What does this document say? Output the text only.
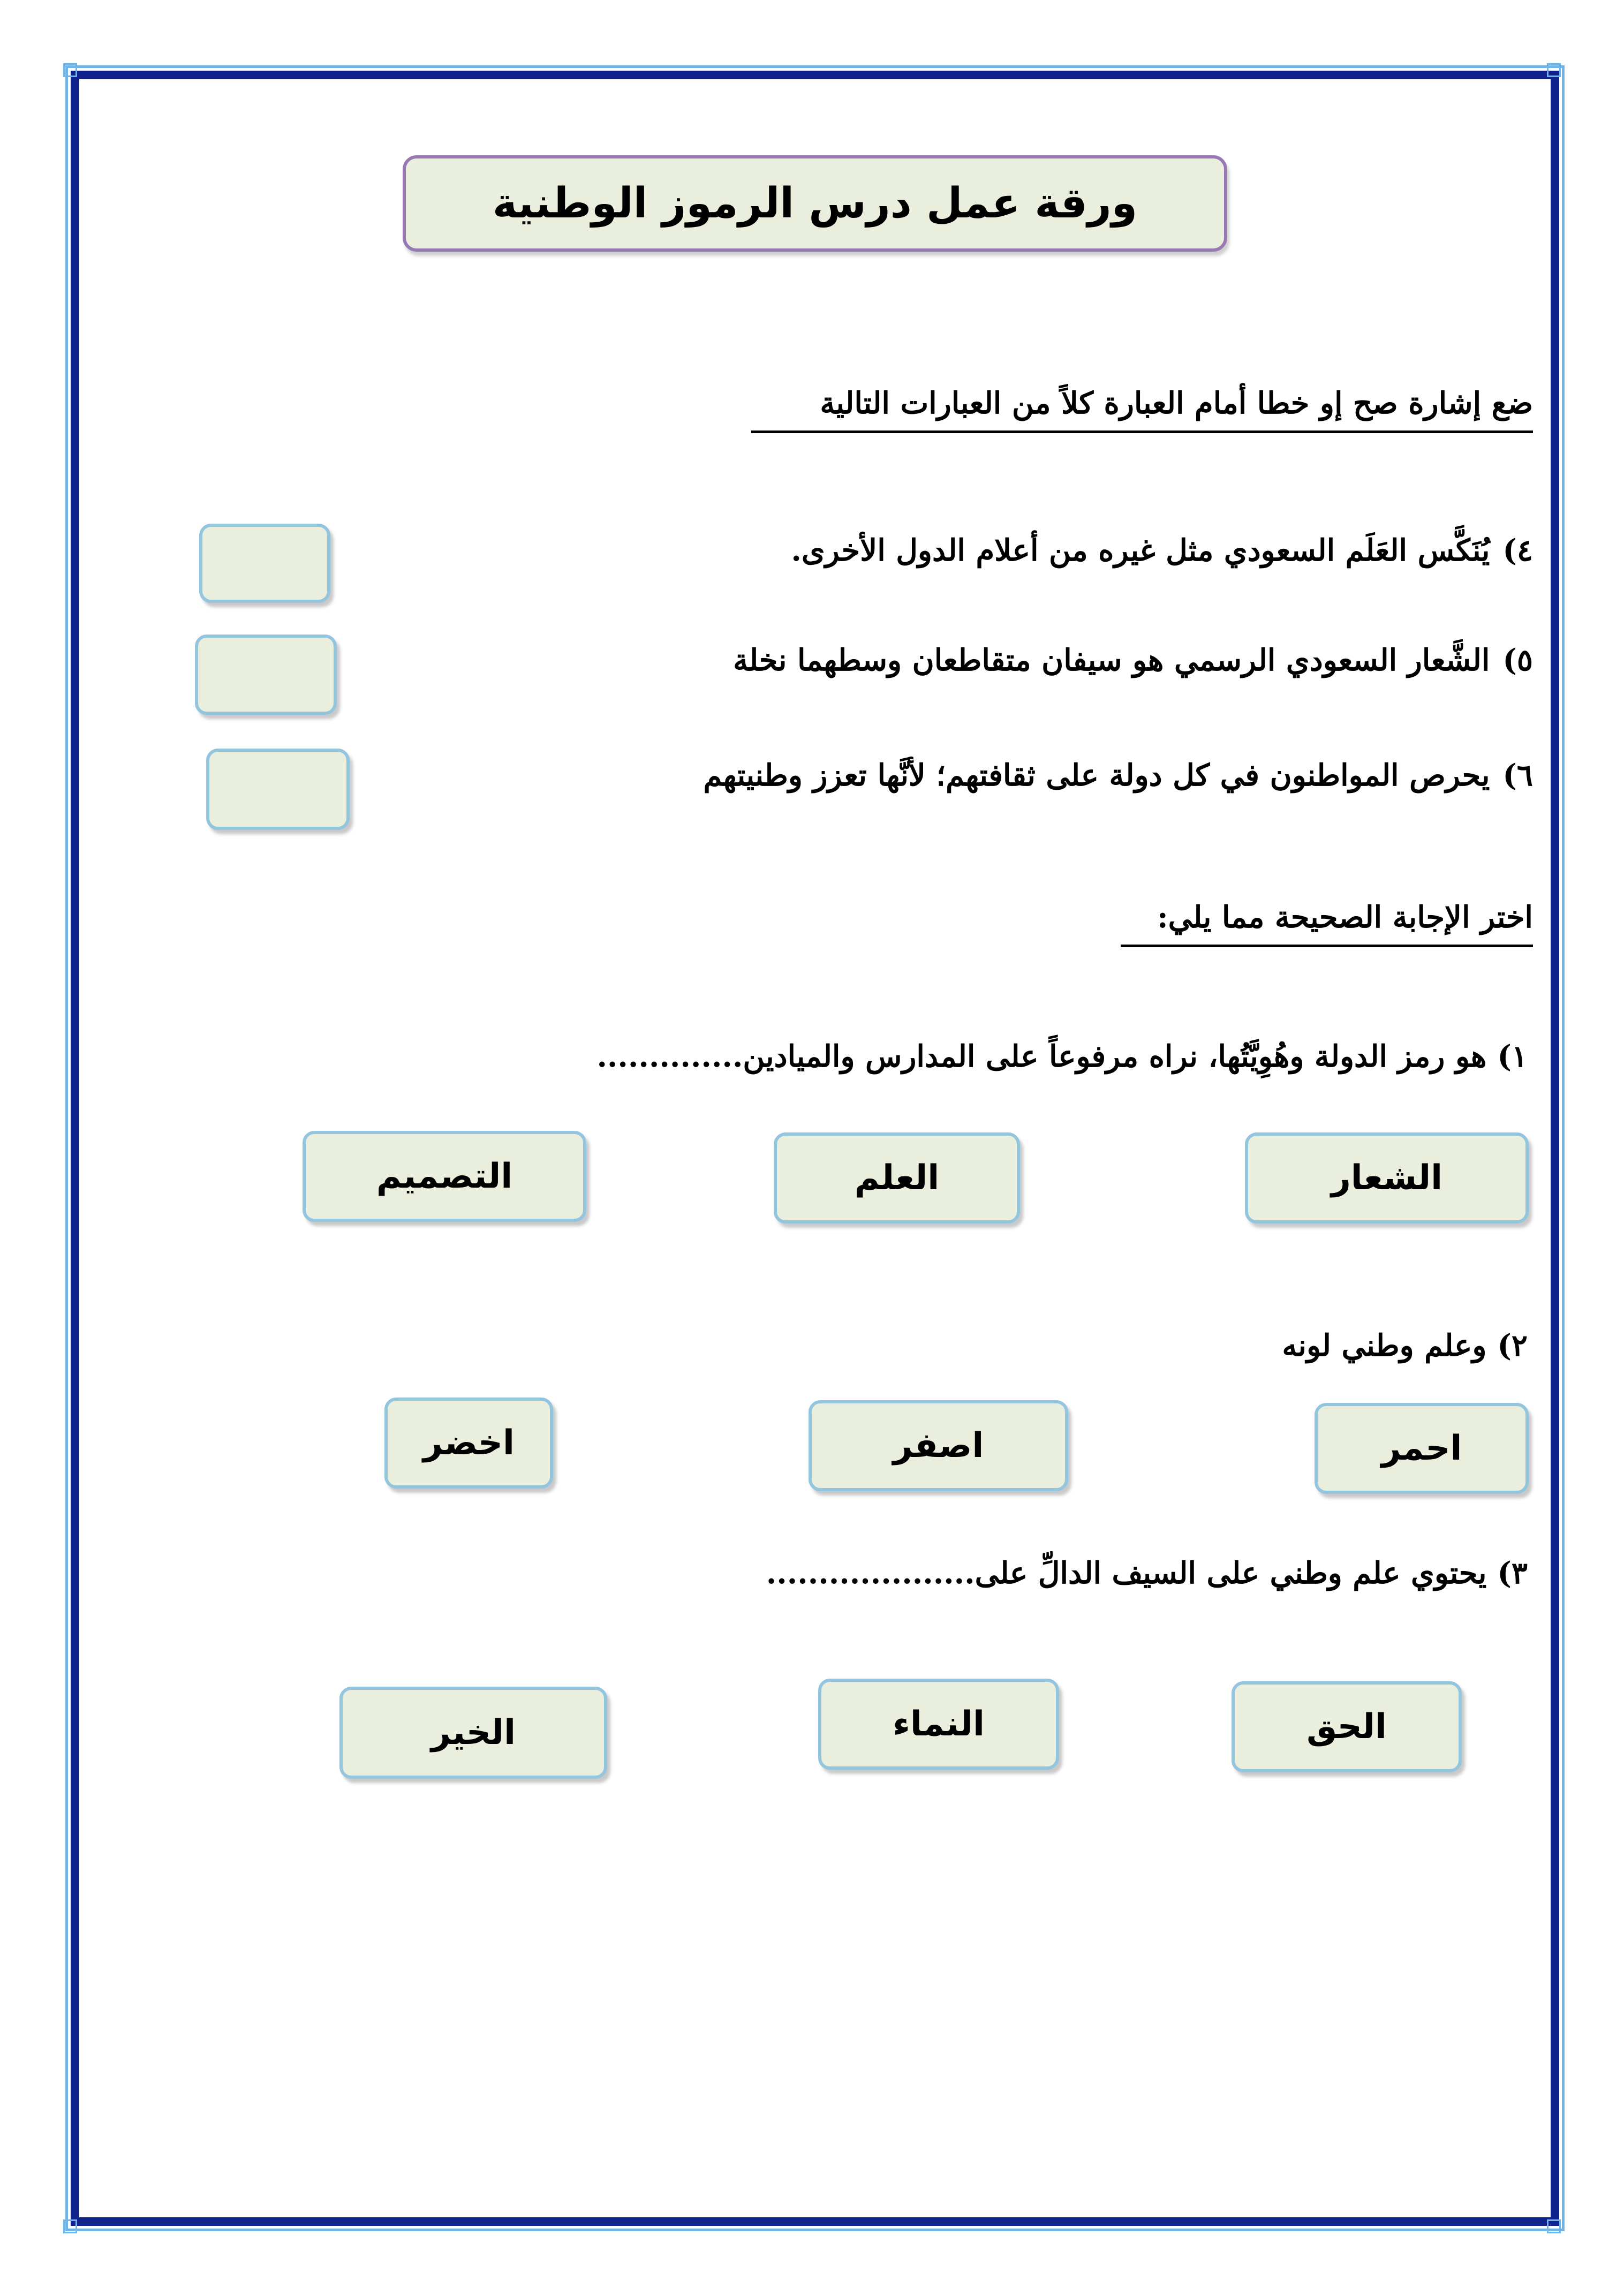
ورقة عمل درس الرموز الوطنية
ضع إشارة صح إو خطا أمام العبارة كلاً من العبارات التالية
٤)
يُنَكَّس العَلَم السعودي مثل غيره من أعلام الدول الأخرى.
٥)
الشَّعار السعودي الرسمي هو سيفان متقاطعان وسطهما نخلة
٦)
يحرص المواطنون في كل دولة على ثقافتهم؛ لأنَّها تعزز وطنيتهم
اختر الإجابة الصحيحة مما يلي:
١)
هو رمز الدولة وهُوِيَّتُها، نراه مرفوعاً على المدارس والميادين..............
الشعار
العلم
التصميم
٢)
وعلم وطني لونه
احمر
اصفر
اخضر
٣)
يحتوي علم وطني على السيف الدالِّ على....................
الحق
النماء
الخير
